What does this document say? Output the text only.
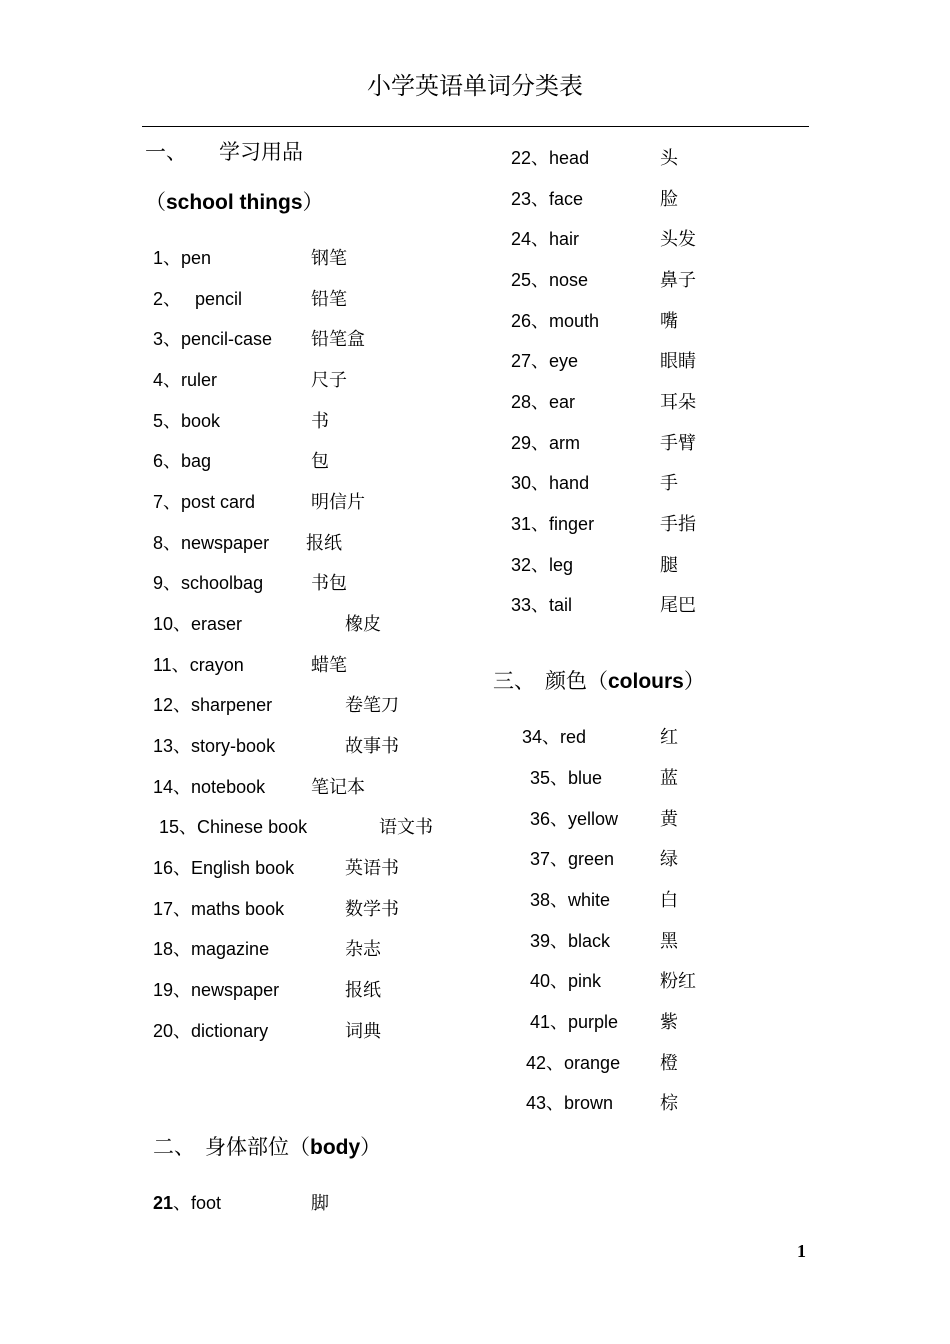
小学英语单词分类表
一、 学习用品
（school things）
1、pen	钢笔
2、 pencil	铅笔
3、pencil-case 铅笔盒
4、ruler	尺子
5、book	书
6、bag	包
7、post card	明信片
8、newspaper 报纸
9、schoolbag	书包
10、eraser	橡皮
11、crayon	蜡笔
12、sharpener	卷笔刀
13、story-book	故事书
14、notebook	笔记本
15、Chinese book	语文书
16、English book	英语书
17、maths book	数学书
18、magazine	杂志
19、newspaper	报纸
20、dictionary	词典
二、 身体部位（body）
21、foot	脚
22、head	头
23、face	脸
24、hair	头发
25、nose	鼻子
26、mouth	嘴
27、eye	眼睛
28、ear	耳朵
29、arm	手臂
30、hand	手
31、finger	手指
32、leg	腿
33、tail	尾巴
三、 颜色（colours）
34、red	红
35、blue	蓝
36、yellow 黄
37、green	绿
38、white	白
39、black	黑
40、pink	粉红
41、purple 紫
42、orange 橙
43、brown	棕
1
